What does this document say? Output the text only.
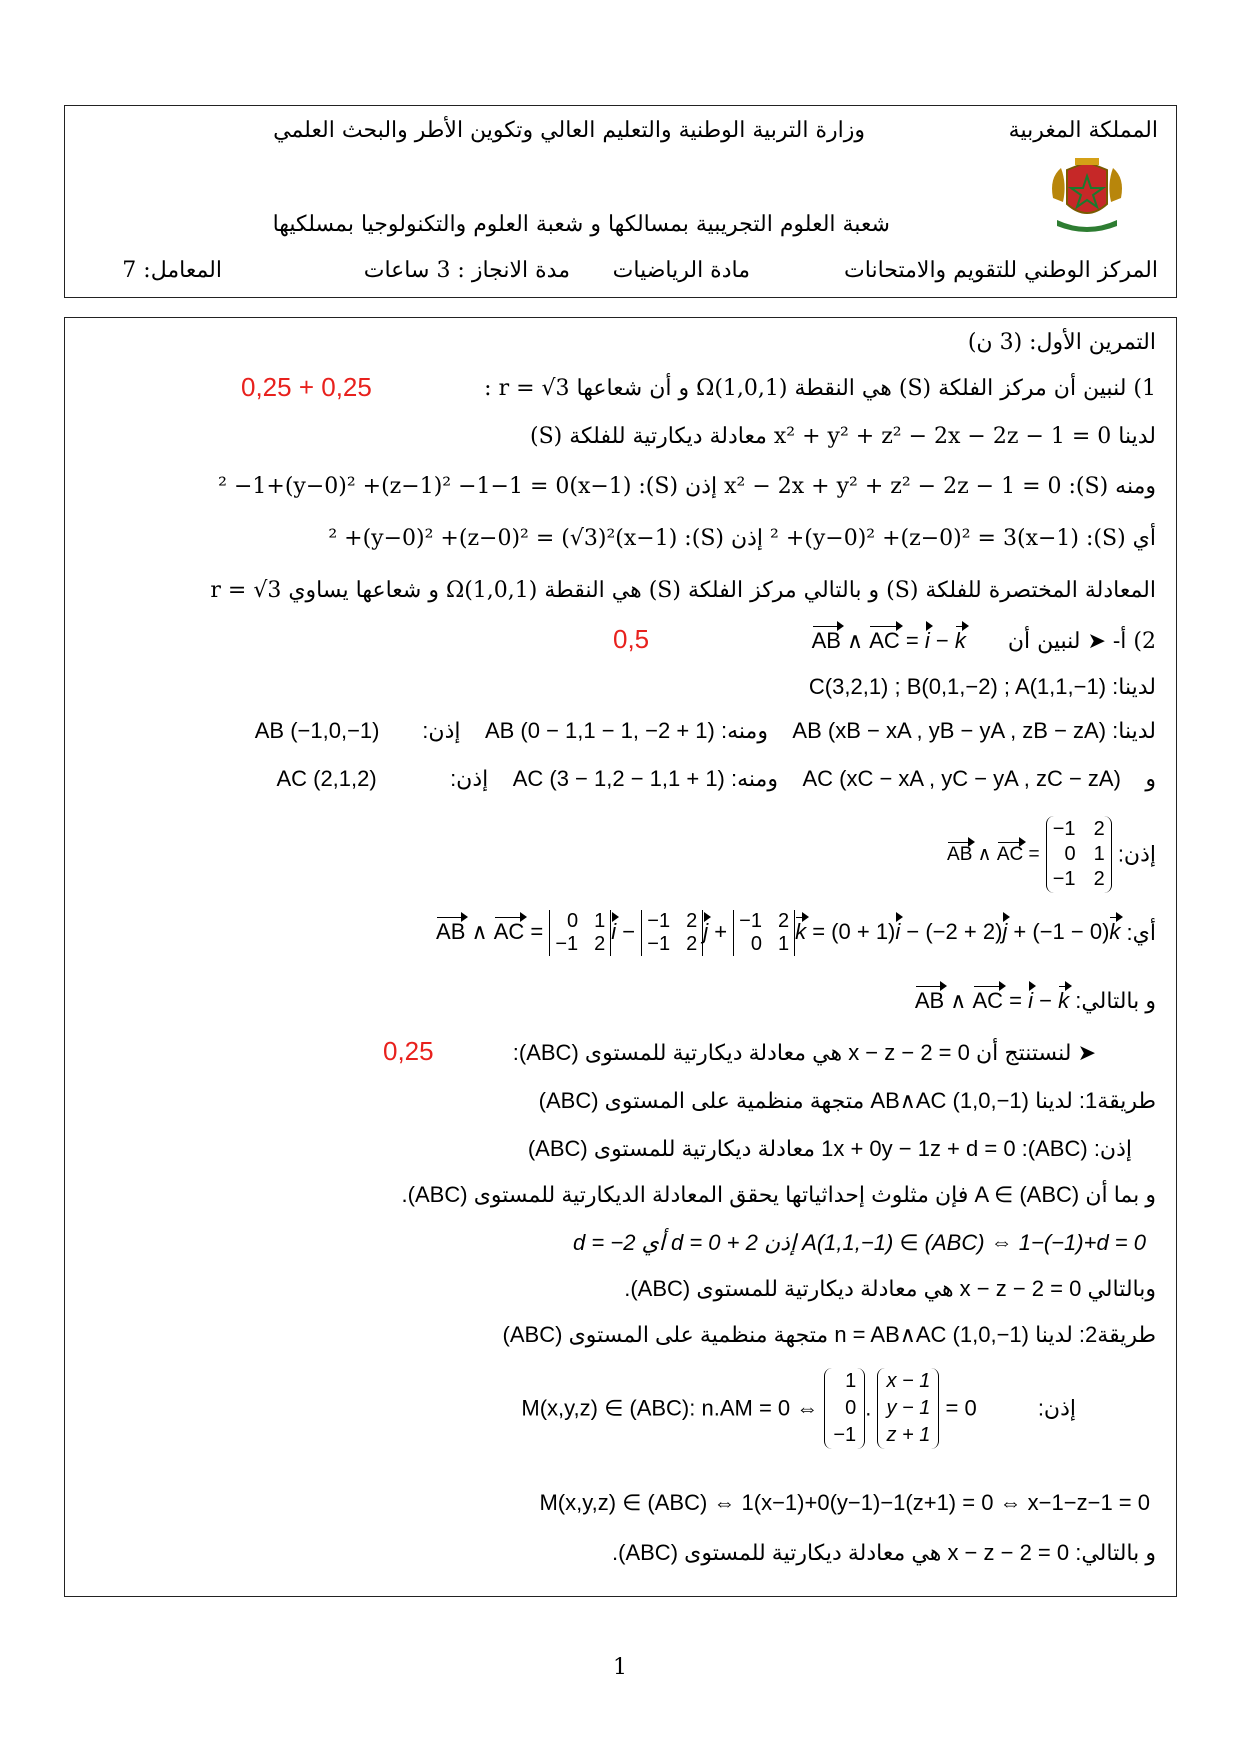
المملكة المغربية
وزارة التربية الوطنية والتعليم العالي وتكوين الأطر والبحث العلمي
شعبة العلوم التجريبية بمسالكها و شعبة العلوم والتكنولوجيا بمسلكيها
المركز الوطني للتقويم والامتحانات
مادة الرياضيات
مدة الانجاز : 3 ساعات
المعامل: 7
التمرين الأول: (3 ن)
1) لنبين أن مركز الفلكة (S) هي النقطة Ω(1,0,1) و أن شعاعها r = √3 :
0,25 + 0,25
لدينا x² + y² + z² − 2x − 2z − 1 = 0 معادلة ديكارتية للفلكة (S)
ومنه (S): x² − 2x + y² + z² − 2z − 1 = 0 إذن (S): (x−1)² −1+(y−0)² +(z−1)² −1−1 = 0
أي (S): (x−1)² +(y−0)² +(z−0)² = 3 إذن (S): (x−1)² +(y−0)² +(z−0)² = (√3)²
المعادلة المختصرة للفلكة (S) و بالتالي مركز الفلكة (S) هي النقطة Ω(1,0,1) و شعاعها يساوي r = √3
2) أ- ➤ لنبين أن      AB ∧ AC = i − k
0,5
لدينا: C(3,2,1) ; B(0,1,−2) ; A(1,1,−1)
لدينا: AB (xB − xA , yB − yA , zB − zA)    ومنه: AB (0 − 1,1 − 1, −2 + 1)    إذن:       AB (−1,0,−1)
و    AC (xC − xA , yC − yA , zC − zA)    ومنه: AC (3 − 1,2 − 1,1 + 1)    إذن:            AC (2,1,2)
إذن: AB ∧ AC =
−1 2
0 1
−1 2
أي: AB ∧ AC = 0 1
−1 2
i − −1 2
−1 2
j + −1 2
0 1
k = (0 + 1)i − (−2 + 2)j + (−1 − 0)k
و بالتالي: AB ∧ AC = i − k
➤ لنستنتج أن x − z − 2 = 0 هي معادلة ديكارتية للمستوى (ABC):
0,25
طريقة1: لدينا AB∧AC (1,0,−1) متجهة منظمية على المستوى (ABC)
إذن: (ABC): 1x + 0y − 1z + d = 0 معادلة ديكارتية للمستوى (ABC)
و بما أن A ∈ (ABC) فإن مثلوث إحداثياتها يحقق المعادلة الديكارتية للمستوى (ABC).
A(1,1,−1) ∈ (ABC) ⇔ 1−(−1)+d = 0 إذن 2 + d = 0 أي d = −2
وبالتالي x − z − 2 = 0 هي معادلة ديكارتية للمستوى (ABC).
طريقة2: لدينا n = AB∧AC (1,0,−1) متجهة منظمية على المستوى (ABC)
إذن:          M(x,y,z) ∈ (ABC): n.AM = 0 ⇔
1
0
−1
.
x − 1
y − 1
z + 1
= 0
M(x,y,z) ∈ (ABC) ⇔ 1(x−1)+0(y−1)−1(z+1) = 0 ⇔ x−1−z−1 = 0
و بالتالي: x − z − 2 = 0 هي معادلة ديكارتية للمستوى (ABC).
1
